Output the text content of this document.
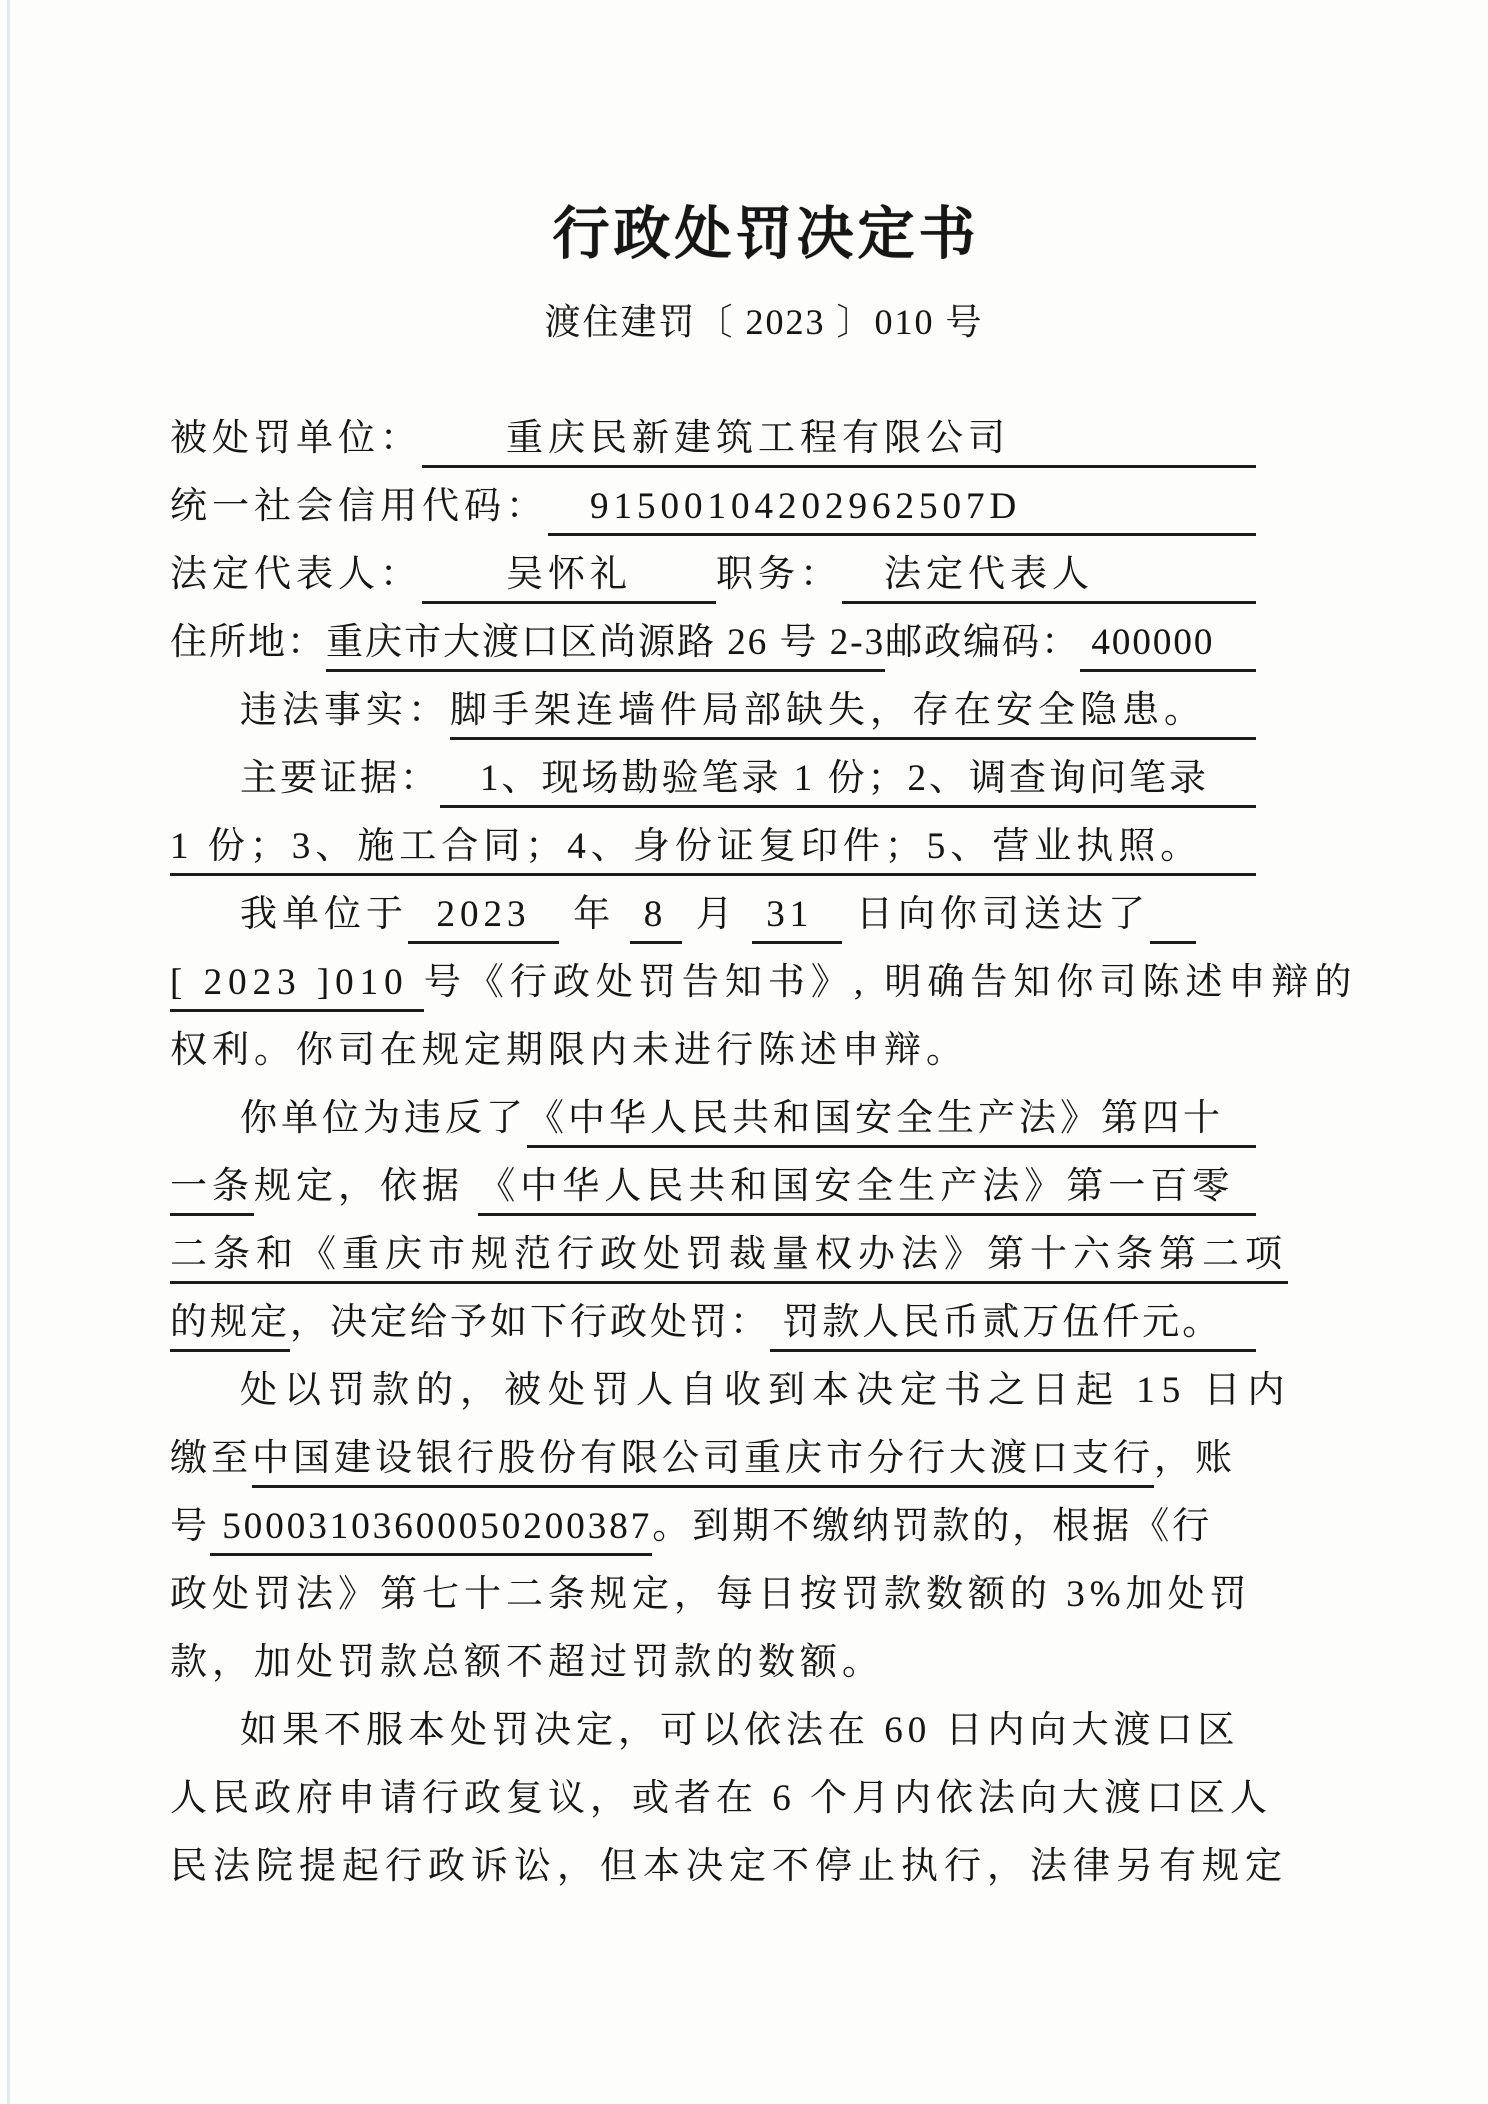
行政处罚决定书
渡住建罚〔 2023 〕010 号
被处罚单位： 　　重庆民新建筑工程有限公司
统一社会信用代码： 　91500104202962507D
法定代表人： 　　吴怀礼　　 职务： 　法定代表人
住所地： 重庆市大渡口区尚源路 26 号 2-3 邮政编码： 400000
违法事实： 脚手架连墙件局部缺失，存在安全隐患。
主要证据： 　1、现场勘验笔录 1 份；2、调查询问笔录
1 份；3、施工合同；4、身份证复印件；5、营业执照。
我单位于 2023 年 8 月 31 日向你司送达了
[ 2023 ]010 号《行政处罚告知书》, 明确告知你司陈述申辩的
权利。你司在规定期限内未进行陈述申辩。
你单位为违反了 《中华人民共和国安全生产法》第四十
一条 规定，依据 《中华人民共和国安全生产法》第一百零
二条和《重庆市规范行政处罚裁量权办法》第十六条第二项
的规定 ，决定给予如下行政处罚： 罚款人民币贰万伍仟元。
处以罚款的，被处罚人自收到本决定书之日起 15 日内
缴至 中国建设银行股份有限公司重庆市分行大渡口支行 ，账
号 50003103600050200387 。到期不缴纳罚款的，根据《行
政处罚法》第七十二条规定，每日按罚款数额的 3%加处罚
款，加处罚款总额不超过罚款的数额。
如果不服本处罚决定，可以依法在 60 日内向大渡口区
人民政府申请行政复议，或者在 6 个月内依法向大渡口区人
民法院提起行政诉讼，但本决定不停止执行，法律另有规定
